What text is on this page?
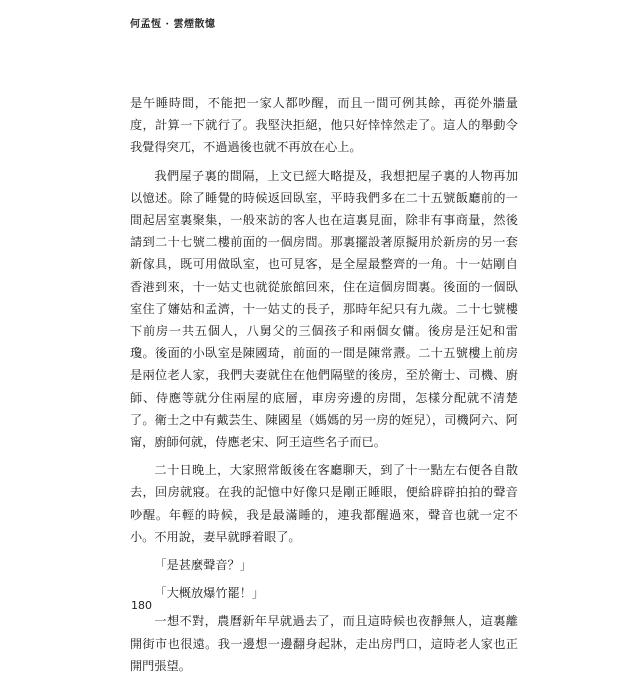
何孟恆 · 雲煙散憶

是午睡時間，不能把一家人都吵醒，而且一間可例其餘，再從外牆量度，計算一下就行了。我堅決拒絕，他只好悻悻然走了。這人的舉動令我覺得突兀，不過過後也就不再放在心上。

我們屋子裏的間隔，上文已經大略提及，我想把屋子裏的人物再加以憶述。除了睡覺的時候返回臥室，平時我們多在二十五號飯廳前的一間起居室裏聚集，一般來訪的客人也在這裏見面，除非有事商量，然後請到二十七號二樓前面的一個房間。那裏擺設著原擬用於新房的另一套新傢具，既可用做臥室，也可見客，是全屋最整齊的一角。十一姑剛自香港到來，十一姑丈也就從旅館回來，住在這個房間裏。後面的一個臥室住了嬸姑和孟濟，十一姑丈的長子，那時年紀只有九歲。二十七號樓下前房一共五個人，八舅父的三個孩子和兩個女傭。後房是汪妃和雷瓊。後面的小臥室是陳國琦，前面的一間是陳常燾。二十五號樓上前房是兩位老人家，我們夫妻就住在他們隔壁的後房，至於衛士、司機、廚師、侍應等就分住兩屋的底層，車房旁邊的房間，怎樣分配就不清楚了。衛士之中有戴芸生、陳國星（媽媽的另一房的姪兒），司機阿六、阿甯，廚師何就，侍應老宋、阿王這些名子而已。

二十日晚上，大家照常飯後在客廳聊天，到了十一點左右便各自散去，回房就寢。在我的記憶中好像只是剛正睡眼，便給辟辟拍拍的聲音吵醒。年輕的時候，我是最滿睡的，連我都醒過來，聲音也就一定不小。不用說，妻早就睜着眼了。

「是甚麼聲音？」

「大概放爆竹罷！」

一想不對，農曆新年早就過去了，而且這時候也夜靜無人，這裏離開街市也很遠。我一邊想一邊翻身起牀，走出房門口，這時老人家也正開門張望。

180
